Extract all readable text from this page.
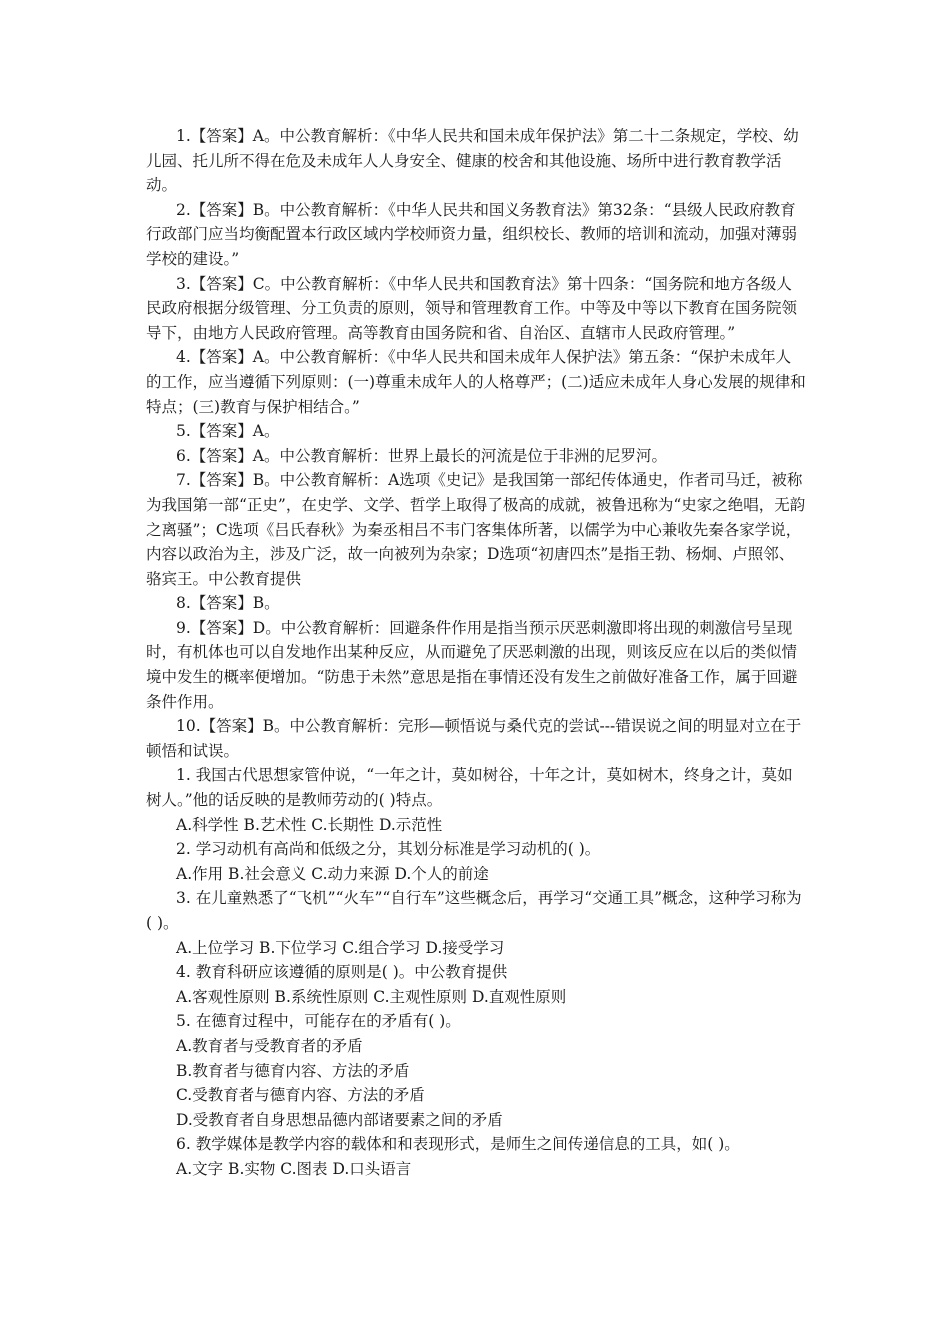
1.【答案】A。中公教育解析：《中华人民共和国未成年保护法》第二十二条规定，学校、幼儿园、托儿所不得在危及未成年人人身安全、健康的校舍和其他设施、场所中进行教育教学活动。

2.【答案】B。中公教育解析：《中华人民共和国义务教育法》第32条：“县级人民政府教育行政部门应当均衡配置本行政区域内学校师资力量，组织校长、教师的培训和流动，加强对薄弱学校的建设。”

3.【答案】C。中公教育解析：《中华人民共和国教育法》第十四条：“国务院和地方各级人民政府根据分级管理、分工负责的原则，领导和管理教育工作。中等及中等以下教育在国务院领导下，由地方人民政府管理。高等教育由国务院和省、自治区、直辖市人民政府管理。”

4.【答案】A。中公教育解析：《中华人民共和国未成年人保护法》第五条：“保护未成年人的工作，应当遵循下列原则：(一)尊重未成年人的人格尊严；(二)适应未成年人身心发展的规律和特点；(三)教育与保护相结合。”

5.【答案】A。

6.【答案】A。中公教育解析：世界上最长的河流是位于非洲的尼罗河。

7.【答案】B。中公教育解析：A选项《史记》是我国第一部纪传体通史，作者司马迁，被称为我国第一部“正史”，在史学、文学、哲学上取得了极高的成就，被鲁迅称为“史家之绝唱，无韵之离骚”；C选项《吕氏春秋》为秦丞相吕不韦门客集体所著，以儒学为中心兼收先秦各家学说，内容以政治为主，涉及广泛，故一向被列为杂家；D选项“初唐四杰”是指王勃、杨炯、卢照邻、骆宾王。中公教育提供

8.【答案】B。

9.【答案】D。中公教育解析：回避条件作用是指当预示厌恶刺激即将出现的刺激信号呈现时，有机体也可以自发地作出某种反应，从而避免了厌恶刺激的出现，则该反应在以后的类似情境中发生的概率便增加。“防患于未然”意思是指在事情还没有发生之前做好准备工作，属于回避条件作用。

10.【答案】B。中公教育解析：完形—顿悟说与桑代克的尝试---错误说之间的明显对立在于顿悟和试误。

1. 我国古代思想家管仲说，“一年之计，莫如树谷，十年之计，莫如树木，终身之计，莫如树人。”他的话反映的是教师劳动的( )特点。

A.科学性 B.艺术性 C.长期性 D.示范性

2. 学习动机有高尚和低级之分，其划分标准是学习动机的( )。

A.作用 B.社会意义 C.动力来源 D.个人的前途

3. 在儿童熟悉了“飞机”“火车”“自行车”这些概念后，再学习“交通工具”概念，这种学习称为( )。

A.上位学习 B.下位学习 C.组合学习 D.接受学习

4. 教育科研应该遵循的原则是( )。中公教育提供

A.客观性原则 B.系统性原则 C.主观性原则 D.直观性原则

5. 在德育过程中，可能存在的矛盾有( )。

A.教育者与受教育者的矛盾

B.教育者与德育内容、方法的矛盾

C.受教育者与德育内容、方法的矛盾

D.受教育者自身思想品德内部诸要素之间的矛盾

6. 教学媒体是教学内容的载体和和表现形式，是师生之间传递信息的工具，如( )。

A.文字 B.实物 C.图表 D.口头语言
